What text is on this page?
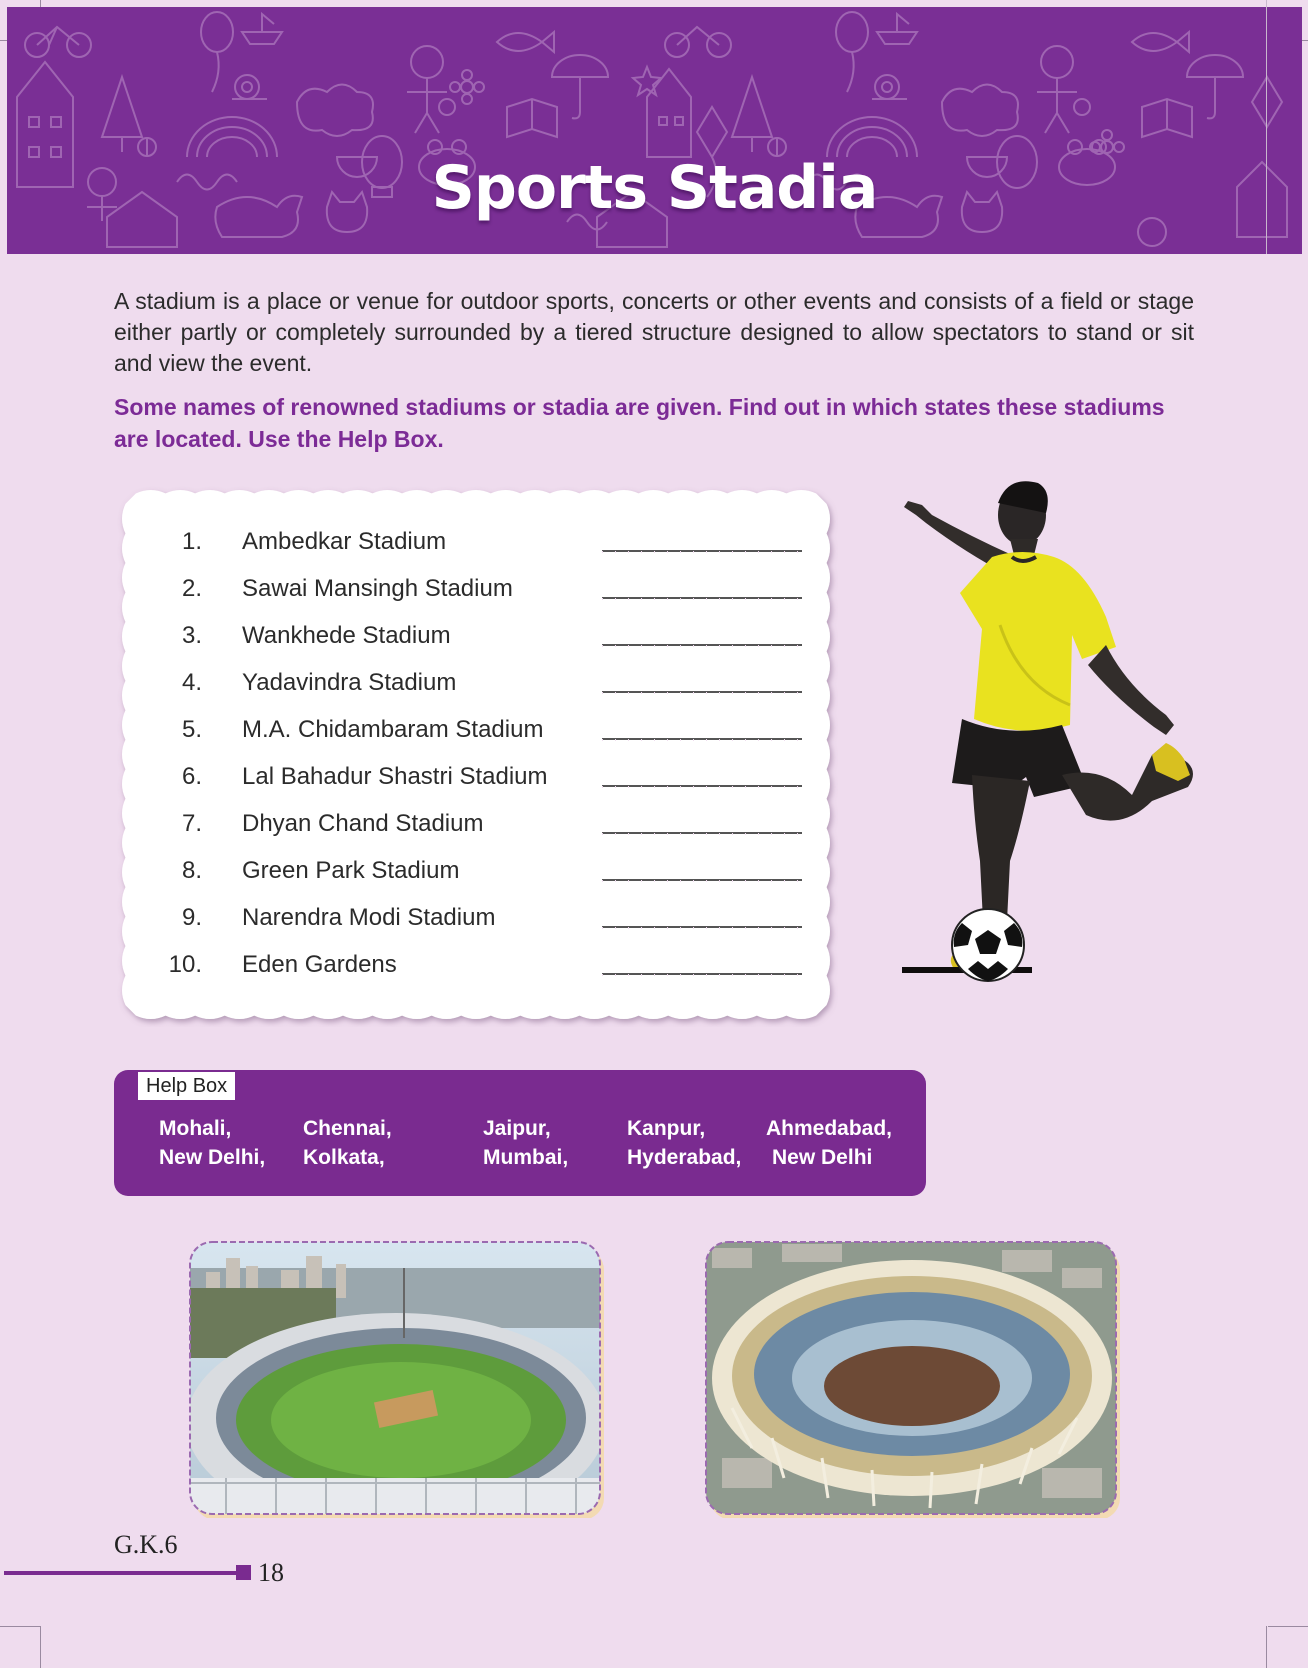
Sports Stadia
A stadium is a place or venue for outdoor sports, concerts or other events and consists of a field or stage either partly or completely surrounded by a tiered structure designed to allow spectators to stand or sit and view the event.
Some names of renowned stadiums or stadia are given. Find out in which states these stadiums are located. Use the Help Box.
1. Ambedkar Stadium
2. Sawai Mansingh Stadium
3. Wankhede Stadium
4. Yadavindra Stadium
5. M.A. Chidambaram Stadium
6. Lal Bahadur Shastri Stadium
7. Dhyan Chand Stadium
8. Green Park Stadium
9. Narendra Modi Stadium
10. Eden Gardens
Help Box
Mohali,
New Delhi,
Chennai,
Kolkata,
Jaipur,
Mumbai,
Kanpur,
Hyderabad,
Ahmedabad,
New Delhi
G.K.6
18
